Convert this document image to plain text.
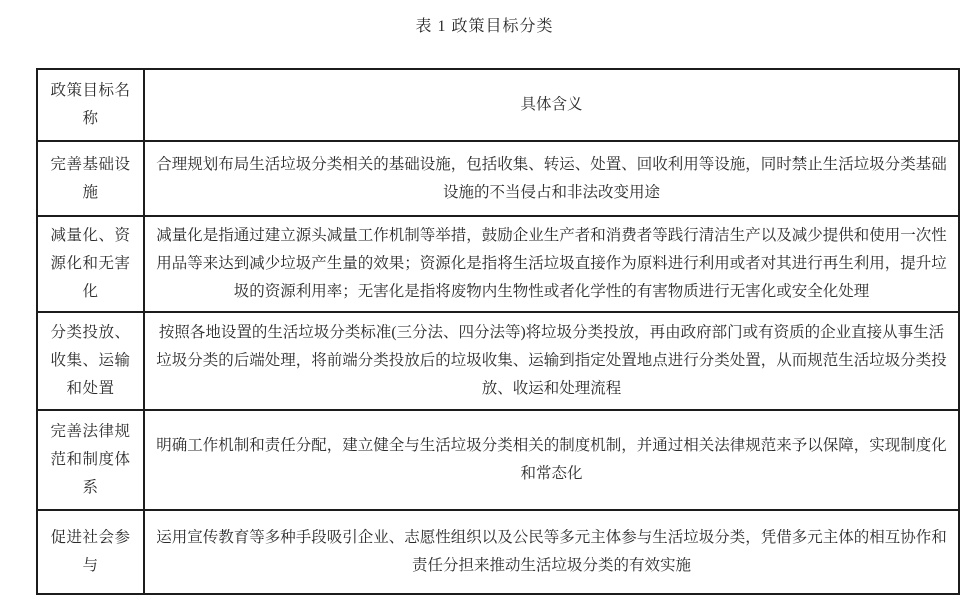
表 1 政策目标分类
政策目标名称	具体含义
完善基础设施	合理规划布局生活垃圾分类相关的基础设施，包括收集、转运、处置、回收利用等设施，同时禁止生活垃圾分类基础设施的不当侵占和非法改变用途
减量化、资源化和无害化	减量化是指通过建立源头减量工作机制等举措，鼓励企业生产者和消费者等践行清洁生产以及减少提供和使用一次性用品等来达到减少垃圾产生量的效果；资源化是指将生活垃圾直接作为原料进行利用或者对其进行再生利用，提升垃圾的资源利用率；无害化是指将废物内生物性或者化学性的有害物质进行无害化或安全化处理
分类投放、收集、运输和处置	按照各地设置的生活垃圾分类标准(三分法、四分法等)将垃圾分类投放，再由政府部门或有资质的企业直接从事生活垃圾分类的后端处理，将前端分类投放后的垃圾收集、运输到指定处置地点进行分类处置，从而规范生活垃圾分类投放、收运和处理流程
完善法律规范和制度体系	明确工作机制和责任分配，建立健全与生活垃圾分类相关的制度机制，并通过相关法律规范来予以保障，实现制度化和常态化
促进社会参与	运用宣传教育等多种手段吸引企业、志愿性组织以及公民等多元主体参与生活垃圾分类，凭借多元主体的相互协作和责任分担来推动生活垃圾分类的有效实施
